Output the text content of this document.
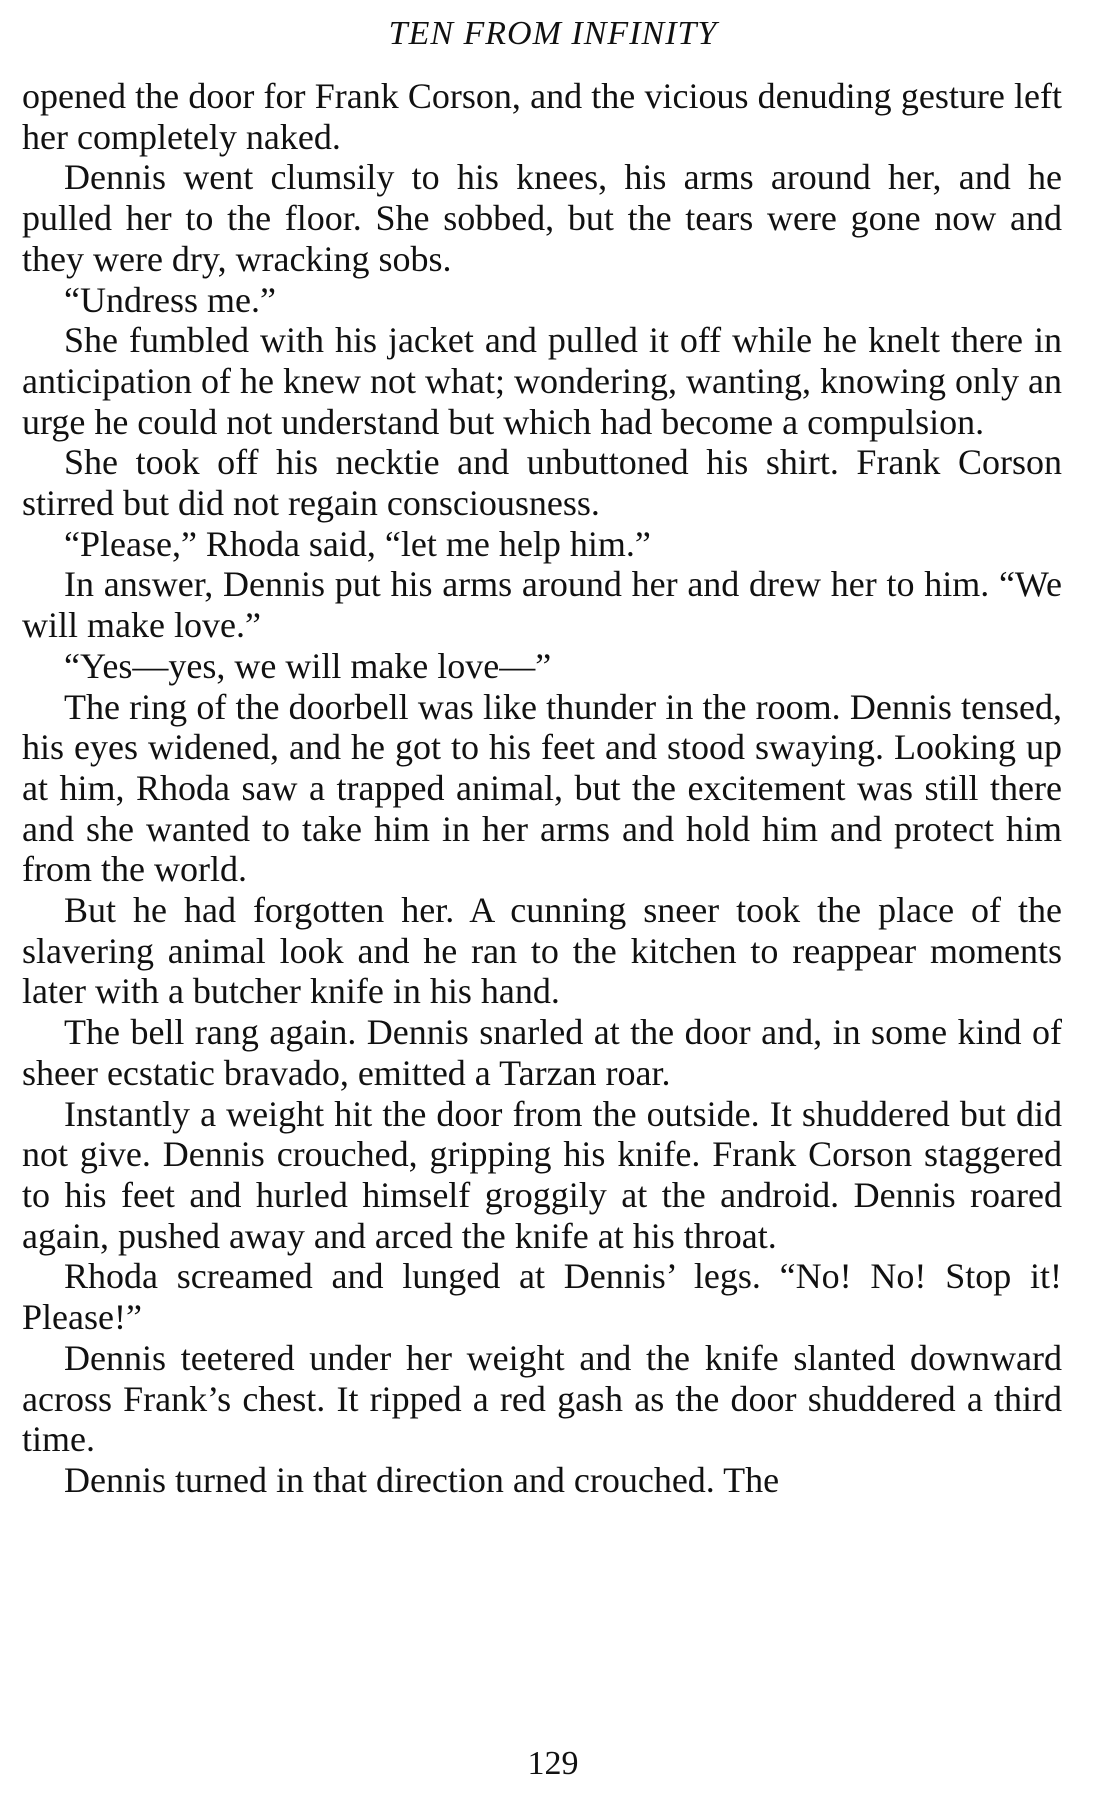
TEN FROM INFINITY

opened the door for Frank Corson, and the vicious denuding gesture left her completely naked.

Dennis went clumsily to his knees, his arms around her, and he pulled her to the floor. She sobbed, but the tears were gone now and they were dry, wracking sobs.

“Undress me.”

She fumbled with his jacket and pulled it off while he knelt there in anticipation of he knew not what; wondering, wanting, knowing only an urge he could not understand but which had become a compulsion.

She took off his necktie and unbuttoned his shirt. Frank Corson stirred but did not regain consciousness.

“Please,” Rhoda said, “let me help him.”

In answer, Dennis put his arms around her and drew her to him. “We will make love.”

“Yes—yes, we will make love—”

The ring of the doorbell was like thunder in the room. Dennis tensed, his eyes widened, and he got to his feet and stood swaying. Looking up at him, Rhoda saw a trapped animal, but the excitement was still there and she wanted to take him in her arms and hold him and protect him from the world.

But he had forgotten her. A cunning sneer took the place of the slavering animal look and he ran to the kitchen to reappear moments later with a butcher knife in his hand.

The bell rang again. Dennis snarled at the door and, in some kind of sheer ecstatic bravado, emitted a Tarzan roar.

Instantly a weight hit the door from the outside. It shuddered but did not give. Dennis crouched, gripping his knife. Frank Corson staggered to his feet and hurled himself groggily at the android. Dennis roared again, pushed away and arced the knife at his throat.

Rhoda screamed and lunged at Dennis’ legs. “No! No! Stop it! Please!”

Dennis teetered under her weight and the knife slanted downward across Frank’s chest. It ripped a red gash as the door shuddered a third time.

Dennis turned in that direction and crouched. The

129
